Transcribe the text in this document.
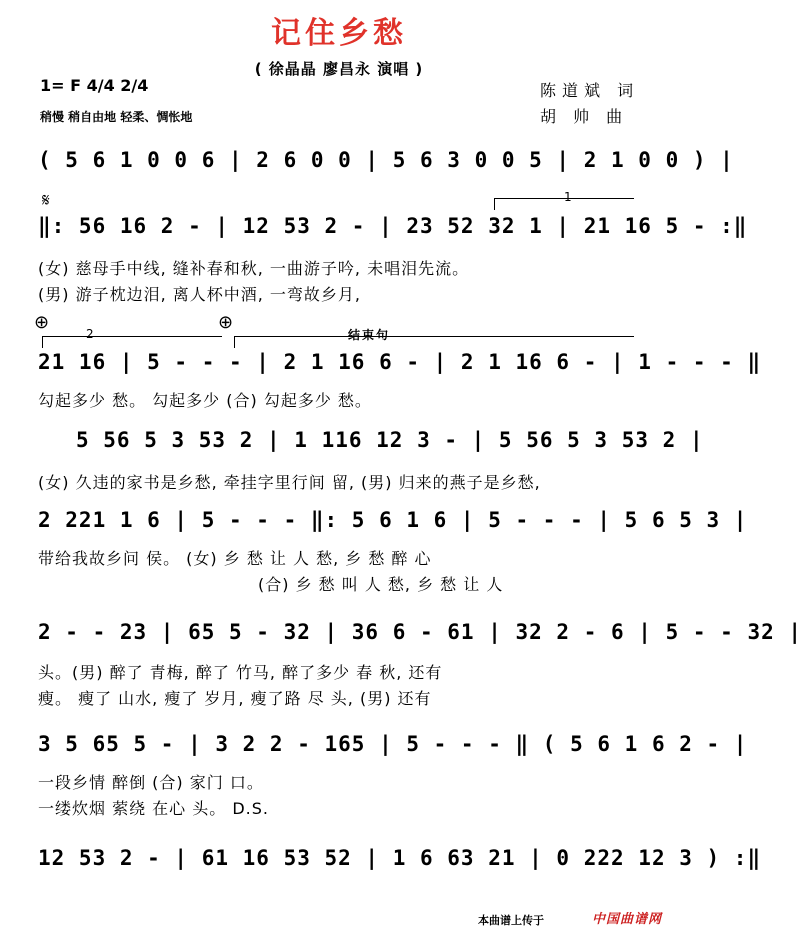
记住乡愁
( 徐晶晶 廖昌永 演唱 )
1= F 4/4 2/4
稍慢 稍自由地 轻柔、惆怅地
陈道斌 词
胡 帅 曲
( 5 6 1 0 0 6 | 2 6 0 0 | 5 6 3 0 0 5 | 2 1 0 0 ) |
𝄋	1
‖: 56 16 2 - | 12 53 2 - | 23 52 32 1 | 21 16 5 - :‖
(女) 慈母手中线, 缝补春和秋, 一曲游子吟, 未唱泪先流。
(男) 游子枕边泪, 离人杯中酒, 一弯故乡月,
⊕
2
⊕
结束句
21 16 | 5 - - - | 2 1 16 6 - | 2 1 16 6 - | 1 - - - ‖
勾起多少 愁。 勾起多少 (合) 勾起多少 愁。
5 56 5 3 53 2 | 1 116 12 3 - | 5 56 5 3 53 2 |
(女) 久违的家书是乡愁, 牵挂字里行间 留, (男) 归来的燕子是乡愁,
2 221 1 6 | 5 - - - ‖: 5 6 1 6 | 5 - - - | 5 6 5 3 |
带给我故乡问 侯。 (女) 乡 愁 让 人 愁, 乡 愁 醉 心
(合) 乡 愁 叫 人 愁, 乡 愁 让 人
2 - - 23 | 65 5 - 32 | 36 6 - 61 | 32 2 - 6 | 5 - - 32 |
头。(男) 醉了 青梅, 醉了 竹马, 醉了多少 春 秋, 还有
瘦。 瘦了 山水, 瘦了 岁月, 瘦了路 尽 头, (男) 还有
3 5 65 5 - | 3 2 2 - 165 | 5 - - - ‖ ( 5 6 1 6 2 - |
一段乡情 醉倒 (合) 家门 口。
一缕炊烟 萦绕 在心 头。 D.S.
12 53 2 - | 61 16 53 52 | 1 6 63 21 | 0 222 12 3 ) :‖
本曲谱上传于	中国曲谱网
